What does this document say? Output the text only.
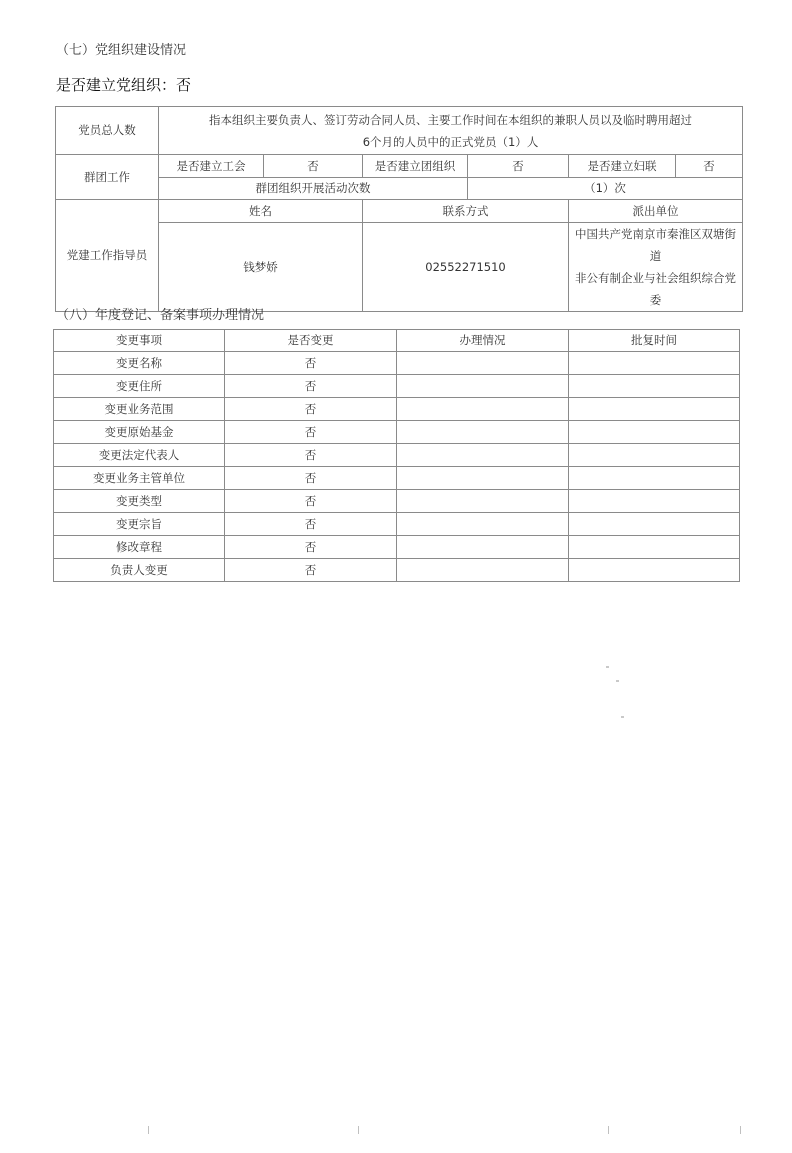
（七）党组织建设情况
是否建立党组织：否
党员总人数	指本组织主要负责人、签订劳动合同人员、主要工作时间在本组织的兼职人员以及临时聘用超过
6个月的人员中的正式党员（1）人					

群团工作	是否建立工会	否	是否建立团组织	否	是否建立妇联	否
	群团组织开展活动次数			（1）次		
党建工作指导员	姓名		联系方式		派出单位	
	钱梦娇		02552271510		中国共产党南京市秦淮区双塘街道
非公有制企业与社会组织综合党委	
（八）年度登记、备案事项办理情况
变更事项	是否变更	办理情况	批复时间
变更名称	否		
变更住所	否		
变更业务范围	否		
变更原始基金	否		
变更法定代表人	否		
变更业务主管单位	否		
变更类型	否		
变更宗旨	否		
修改章程	否		
负责人变更	否		
